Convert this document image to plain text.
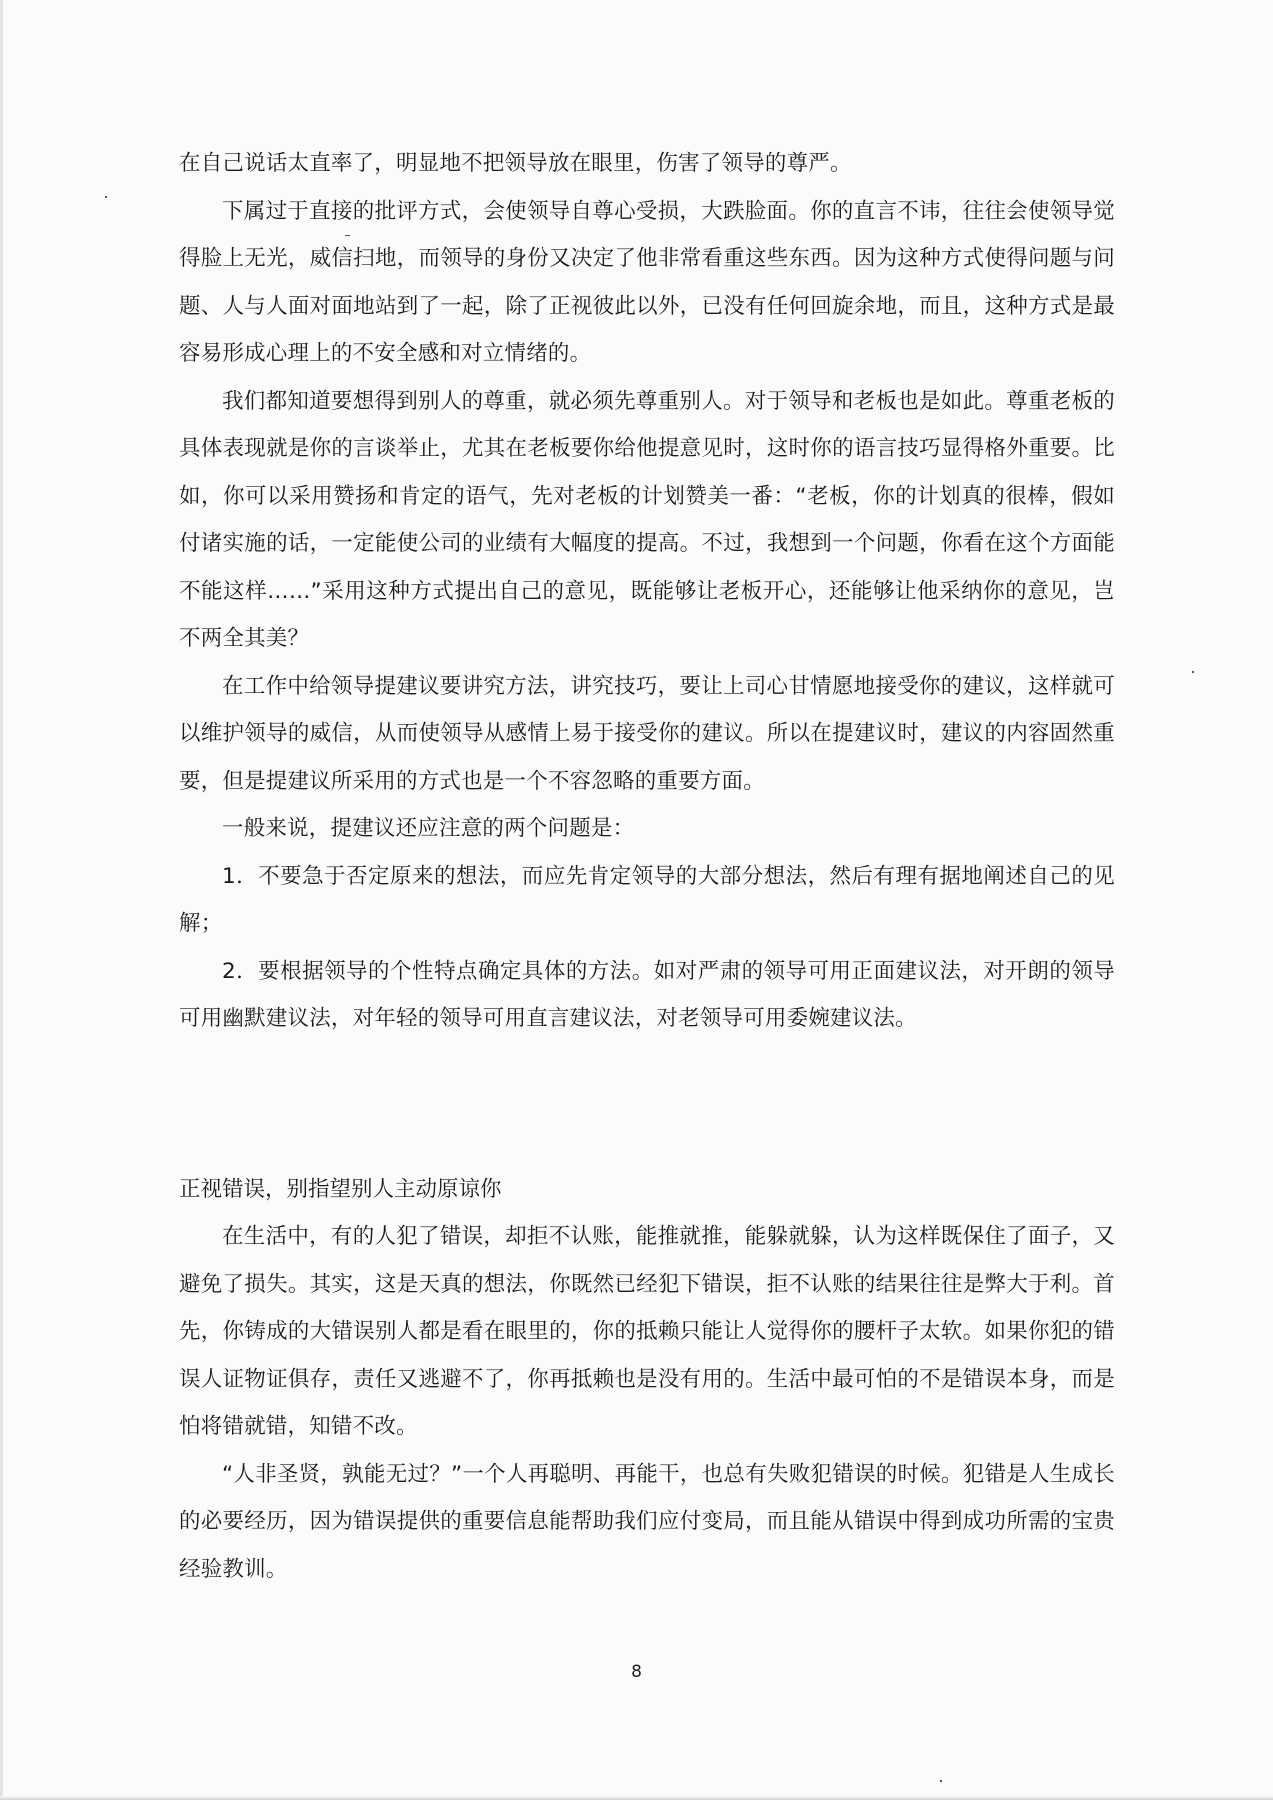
在自己说话太直率了，明显地不把领导放在眼里，伤害了领导的尊严。

下属过于直接的批评方式，会使领导自尊心受损，大跌脸面。你的直言不讳，往往会使领导觉得脸上无光，威信扫地，而领导的身份又决定了他非常看重这些东西。因为这种方式使得问题与问题、人与人面对面地站到了一起，除了正视彼此以外，已没有任何回旋余地，而且，这种方式是最容易形成心理上的不安全感和对立情绪的。

我们都知道要想得到别人的尊重，就必须先尊重别人。对于领导和老板也是如此。尊重老板的具体表现就是你的言谈举止，尤其在老板要你给他提意见时，这时你的语言技巧显得格外重要。比如，你可以采用赞扬和肯定的语气，先对老板的计划赞美一番：“老板，你的计划真的很棒，假如付诸实施的话，一定能使公司的业绩有大幅度的提高。不过，我想到一个问题，你看在这个方面能不能这样……”采用这种方式提出自己的意见，既能够让老板开心，还能够让他采纳你的意见，岂不两全其美？

在工作中给领导提建议要讲究方法，讲究技巧，要让上司心甘情愿地接受你的建议，这样就可以维护领导的威信，从而使领导从感情上易于接受你的建议。所以在提建议时，建议的内容固然重要，但是提建议所采用的方式也是一个不容忽略的重要方面。

一般来说，提建议还应注意的两个问题是：

1．不要急于否定原来的想法，而应先肯定领导的大部分想法，然后有理有据地阐述自己的见解；

2．要根据领导的个性特点确定具体的方法。如对严肃的领导可用正面建议法，对开朗的领导可用幽默建议法，对年轻的领导可用直言建议法，对老领导可用委婉建议法。

正视错误，别指望别人主动原谅你

在生活中，有的人犯了错误，却拒不认账，能推就推，能躲就躲，认为这样既保住了面子，又避免了损失。其实，这是天真的想法，你既然已经犯下错误，拒不认账的结果往往是弊大于利。首先，你铸成的大错误别人都是看在眼里的，你的抵赖只能让人觉得你的腰杆子太软。如果你犯的错误人证物证俱存，责任又逃避不了，你再抵赖也是没有用的。生活中最可怕的不是错误本身，而是怕将错就错，知错不改。

“人非圣贤，孰能无过？”一个人再聪明、再能干，也总有失败犯错误的时候。犯错是人生成长的必要经历，因为错误提供的重要信息能帮助我们应付变局，而且能从错误中得到成功所需的宝贵经验教训。

8
